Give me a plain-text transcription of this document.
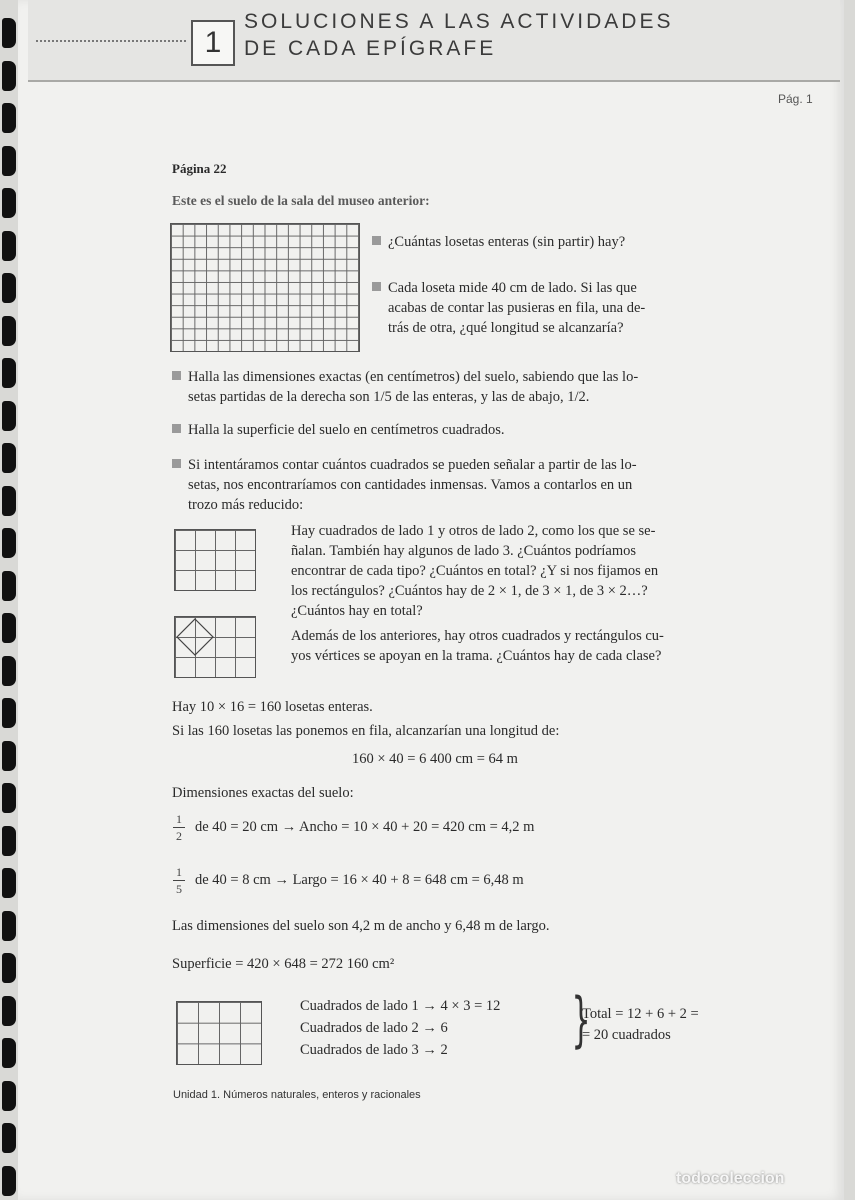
1
SOLUCIONES A LAS ACTIVIDADES
DE CADA EPÍGRAFE
Pág. 1
Página 22
Este es el suelo de la sala del museo anterior:
¿Cuántas losetas enteras (sin partir) hay?
Cada loseta mide 40 cm de lado. Si las que
acabas de contar las pusieras en fila, una de-
trás de otra, ¿qué longitud se alcanzaría?
Halla las dimensiones exactas (en centímetros) del suelo, sabiendo que las lo-
setas partidas de la derecha son 1/5 de las enteras, y las de abajo, 1/2.
Halla la superficie del suelo en centímetros cuadrados.
Si intentáramos contar cuántos cuadrados se pueden señalar a partir de las lo-
setas, nos encontraríamos con cantidades inmensas. Vamos a contarlos en un
trozo más reducido:
Hay cuadrados de lado 1 y otros de lado 2, como los que se se-
ñalan. También hay algunos de lado 3. ¿Cuántos podríamos
encontrar de cada tipo? ¿Cuántos en total? ¿Y si nos fijamos en
los rectángulos? ¿Cuántos hay de 2 × 1, de 3 × 1, de 3 × 2…?
¿Cuántos hay en total?
Además de los anteriores, hay otros cuadrados y rectángulos cu-
yos vértices se apoyan en la trama. ¿Cuántos hay de cada clase?
Hay 10 × 16 = 160 losetas enteras.
Si las 160 losetas las ponemos en fila, alcanzarían una longitud de:
160 × 40 = 6 400 cm = 64 m
Dimensiones exactas del suelo:
1
2
de 40 = 20 cm → Ancho = 10 × 40 + 20 = 420 cm = 4,2 m
1
5
de 40 = 8 cm → Largo = 16 × 40 + 8 = 648 cm = 6,48 m
Las dimensiones del suelo son 4,2 m de ancho y 6,48 m de largo.
Superficie = 420 × 648 = 272 160 cm²
Cuadrados de lado 1 → 4 × 3 = 12
Cuadrados de lado 2 → 6
Cuadrados de lado 3 → 2 }
Total = 12 + 6 + 2 =
= 20 cuadrados
Unidad 1. Números naturales, enteros y racionales
todocoleccion
